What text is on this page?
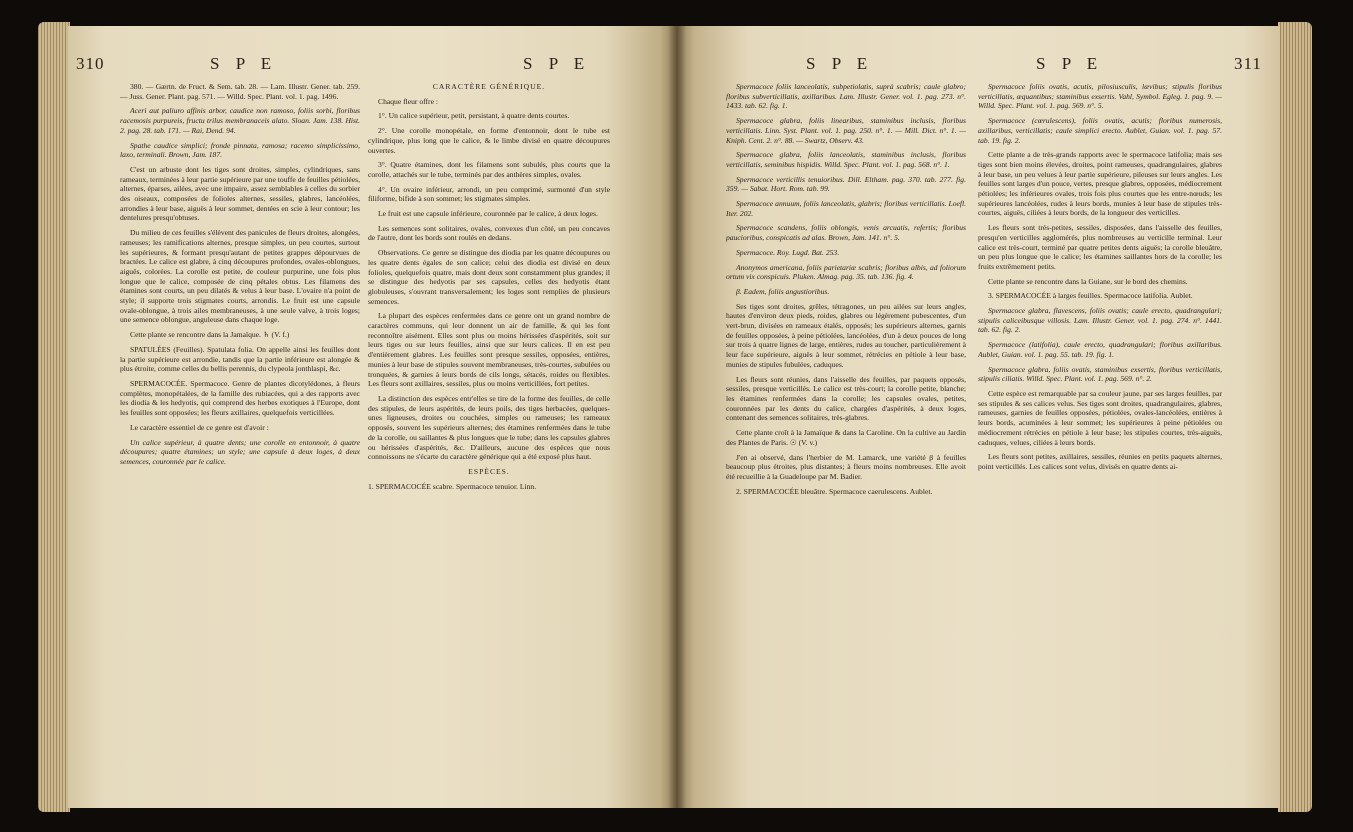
310	S P E	S P E

380. — Gærtn. de Fruct. & Sem. tab. 28. — Lam. Illustr. Gener. tab. 259. — Juss. Gener. Plant. pag. 571. — Willd. Spec. Plant. vol. 1. pag. 1496.

Aceri aut paliuro affinis arbor, caudice non ramoso, foliis sorbi, floribus racemosis purpureis, fructu trilus membranaceis alato. Sloan. Jam. 138. Hist. 2. pag. 28. tab. 171. — Rai, Dend. 94.

Spathe caudice simplici; fronde pinnata, ramosa; racemo simplicissimo, laxo, terminali. Brown, Jam. 187.

C'est un arbuste dont les tiges sont droites, simples, cylindriques, sans rameaux, terminées à leur partie supérieure par une touffe de feuilles pétiolées, alternes, éparses, ailées, avec une impaire, assez semblables à celles du sorbier des oiseaux, composées de folioles alternes, sessiles, glabres, lancéolées, arrondies à leur base, aiguës à leur sommet, dentées en scie à leur contour; les dentelures presqu'obtuses.

Du milieu de ces feuilles s'élèvent des panicules de fleurs droites, alongées, rameuses; les ramifications alternes, presque simples, un peu courtes, surtout les supérieures, & formant presqu'autant de petites grappes dépourvues de bractées. Le calice est glabre, à cinq découpures profondes, ovales-oblongues, aiguës, colorées. La corolle est petite, de couleur purpurine, une fois plus longue que le calice, composée de cinq pétales obtus. Les filamens des étamines sont courts, un peu dilatés & velus à leur base. L'ovaire n'a point de style; il supporte trois stigmates courts, arrondis. Le fruit est une capsule ovale-oblongue, à trois ailes membraneuses, à une seule valve, à trois loges; une semence oblongue, anguleuse dans chaque loge.

Cette plante se rencontre dans la Jamaïque. ♄ (V. f.)

SPATULÉES (Feuilles). Spatulata folia. On appelle ainsi les feuilles dont la partie supérieure est arrondie, tandis que la partie inférieure est alongée & plus étroite, comme celles du bellis perennis, du clypeola jonthlaspi, &c.

SPERMACOCÉE. Spermacoce. Genre de plantes dicotylédones, à fleurs complètes, monopétalées, de la famille des rubiacées, qui a des rapports avec les diodia & les hedyotis, qui comprend des herbes exotiques à l'Europe, dont les feuilles sont opposées; les fleurs axillaires, quelquefois verticillées.

Le caractère essentiel de ce genre est d'avoir :

Un calice supérieur, à quatre dents; une corolle en entonnoir, à quatre découpures; quatre étamines; un style; une capsule à deux loges, à deux semences, couronnée par le calice.

CARACTÈRE GÉNÉRIQUE.

Chaque fleur offre :

1°. Un calice supérieur, petit, persistant, à quatre dents courtes.

2°. Une corolle monopétale, en forme d'entonnoir, dont le tube est cylindrique, plus long que le calice, & le limbe divisé en quatre découpures ouvertes.

3°. Quatre étamines, dont les filamens sont subulés, plus courts que la corolle, attachés sur le tube, terminés par des anthères simples, ovales.

4°. Un ovaire inférieur, arrondi, un peu comprimé, surmonté d'un style filiforme, bifide à son sommet; les stigmates simples.

Le fruit est une capsule inférieure, couronnée par le calice, à deux loges.

Les semences sont solitaires, ovales, convexes d'un côté, un peu concaves de l'autre, dont les bords sont roulés en dedans.

Observations. Ce genre se distingue des diodia par les quatre découpures ou les quatre dents égales de son calice; celui des diodia est divisé en deux folioles, quelquefois quatre, mais dont deux sont constamment plus grandes; il se distingue des hedyotis par ses capsules, celles des hedyotis étant globuleuses, s'ouvrant transversalement; les loges sont remplies de plusieurs semences.

La plupart des espèces renfermées dans ce genre ont un grand nombre de caractères communs, qui leur donnent un air de famille, & qui les font reconnoître aisément. Elles sont plus ou moins hérissées d'aspérités, soit sur leurs tiges ou sur leurs feuilles, ainsi que sur leurs calices. Il en est peu d'entièrement glabres. Les feuilles sont presque sessiles, opposées, entières, munies à leur base de stipules souvent membraneuses, très-courtes, subulées ou tronquées, & garnies à leurs bords de cils longs, sétacés, roides ou flexibles. Les fleurs sont axillaires, sessiles, plus ou moins verticillées, fort petites.

La distinction des espèces entr'elles se tire de la forme des feuilles, de celle des stipules, de leurs aspérités, de leurs poils, des tiges herbacées, quelques-unes ligneuses, droites ou couchées, simples ou rameuses; les rameaux opposés, souvent les supérieurs alternes; des étamines renfermées dans le tube de la corolle, ou saillantes & plus longues que le tube; dans les capsules glabres ou hérissées d'aspérités, &c. D'ailleurs, aucune des espèces que nous connoissons ne s'écarte du caractère générique qui a été exposé plus haut.

ESPÈCES.

1. SPERMACOCÉE scabre. Spermacoce tenuior. Linn.

S P E	S P E	311

Spermacoce foliis lanceolatis, subpetiolatis, suprà scabris; caule glabro; floribus subverticillatis, axillaribus. Lam. Illustr. Gener. vol. 1. pag. 273. n°. 1433. tab. 62. fig. 1.

Spermacoce glabra, foliis linearibus, staminibus inclusis, floribus verticillatis. Linn. Syst. Plant. vol. 1. pag. 250. n°. 1. — Mill. Dict. n°. 1. — Kniph. Cent. 2. n°. 88. — Swartz, Observ. 43.

Spermacoce glabra, foliis lanceolatis, staminibus inclusis, floribus verticillatis, seminibus hispidis. Willd. Spec. Plant. vol. 1. pag. 568. n°. 1.

Spermacoce verticillis tenuioribus. Dill. Eltham. pag. 370. tab. 277. fig. 359. — Sabat. Hort. Rom. tab. 99.

Spermacoce annuum, foliis lanceolatis, glabris; floribus verticillatis. Loefl. Iter. 202.

Spermacoce scandens, foliis oblongis, venis arcuatis, refertis; floribus paucioribus, conspicatis ad alas. Brown, Jam. 141. n°. 5.

Spermacoce. Roy. Lugd. Bat. 253.

Anonymos americana, foliis parietariæ scabris; floribus albis, ad foliorum ortum vix conspicuis. Pluken. Almag. pag. 35. tab. 136. fig. 4.

β. Eadem, foliis angustioribus.

Ses tiges sont droites, grêles, tétragones, un peu ailées sur leurs angles, hautes d'environ deux pieds, roides, glabres ou légèrement pubescentes, d'un vert-brun, divisées en rameaux étalés, opposés; les supérieurs alternes, garnis de feuilles opposées, à peine pétiolées, lancéolées, d'un à deux pouces de long sur trois à quatre lignes de large, entières, rudes au toucher, particulièrement à leur face supérieure, aiguës à leur sommet, rétrécies en pétiole à leur base, munies de stipules fubulées, caduques.

Les fleurs sont réunies, dans l'aisselle des feuilles, par paquets opposés, sessiles, presque verticillés. Le calice est très-court; la corolle petite, blanche; les étamines renfermées dans la corolle; les capsules ovales, petites, couronnées par les dents du calice, chargées d'aspérités, à deux loges, contenant des semences solitaires, très-glabres.

Cette plante croît à la Jamaïque & dans la Caroline. On la cultive au Jardin des Plantes de Paris. ☉ (V. v.)

J'en ai observé, dans l'herbier de M. Lamarck, une variété β à feuilles beaucoup plus étroites, plus distantes; à fleurs moins nombreuses. Elle avoit été recueillie à la Guadeloupe par M. Badier.

2. SPERMACOCÉE bleuâtre. Spermacoce caerulescens. Aublet.

Spermacoce foliis ovatis, acutis, pilosiusculis, lævibus; stipulis floribus verticillatis, æquantibus; staminibus exsertis. Vahl, Symbol. Egleg. 1. pag. 9. — Willd. Spec. Plant. vol. 1. pag. 569. n°. 5.

Spermacoce (cœrulescens), foliis ovatis, acutis; floribus numerosis, axillaribus, verticillatis; caule simplici erecto. Aublet, Guian. vol. 1. pag. 57. tab. 19. fig. 2.

Cette plante a de très-grands rapports avec le spermacoce latifolia; mais ses tiges sont bien moins élevées, droites, point rameuses, quadrangulaires, glabres à leur base, un peu velues à leur partie supérieure, pileuses sur leurs angles. Les feuilles sont larges d'un pouce, vertes, presque glabres, opposées, médiocrement pétiolées; les inférieures ovales, trois fois plus courtes que les entre-nœuds; les supérieures lancéolées, rudes à leurs bords, munies à leur base de stipules très-courtes, aiguës, ciliées à leurs bords, de la longueur des verticilles.

Les fleurs sont très-petites, sessiles, disposées, dans l'aisselle des feuilles, presqu'en verticilles agglomérés, plus nombreuses au verticille terminal. Leur calice est très-court, terminé par quatre petites dents aiguës; la corolle bleuâtre, un peu plus longue que le calice; les étamines saillantes hors de la corolle; les fruits extrêmement petits.

Cette plante se rencontre dans la Guiane, sur le bord des chemins.

3. SPERMACOCÉE à larges feuilles. Spermacoce latifolia. Aublet.

Spermacoce glabra, flavescens, foliis ovatis; caule erecto, quadrangulari; stipulis caliceibusque villosis. Lam. Illustr. Gener. vol. 1. pag. 274. n°. 1441. tab. 62. fig. 2.

Spermacoce (latifolia), caule erecto, quadrangulari; floribus axillaribus. Aublet, Guian. vol. 1. pag. 55. tab. 19. fig. 1.

Spermacoce glabra, foliis ovatis, staminibus exsertis, floribus verticillatis, stipulis ciliatis. Willd. Spec. Plant. vol. 1. pag. 569. n°. 2.

Cette espèce est remarquable par sa couleur jaune, par ses larges feuilles, par ses stipules & ses calices velus. Ses tiges sont droites, quadrangulaires, glabres, rameuses, garnies de feuilles opposées, pétiolées, ovales-lancéolées, entières à leurs bords, acuminées à leur sommet; les supérieures à peine pétiolées ou médiocrement rétrécies en pétiole à leur base; les stipules courtes, très-aiguës, caduques, velues, ciliées à leurs bords.

Les fleurs sont petites, axillaires, sessiles, réunies en petits paquets alternes, point verticillés. Les calices sont velus, divisés en quatre dents ai-
